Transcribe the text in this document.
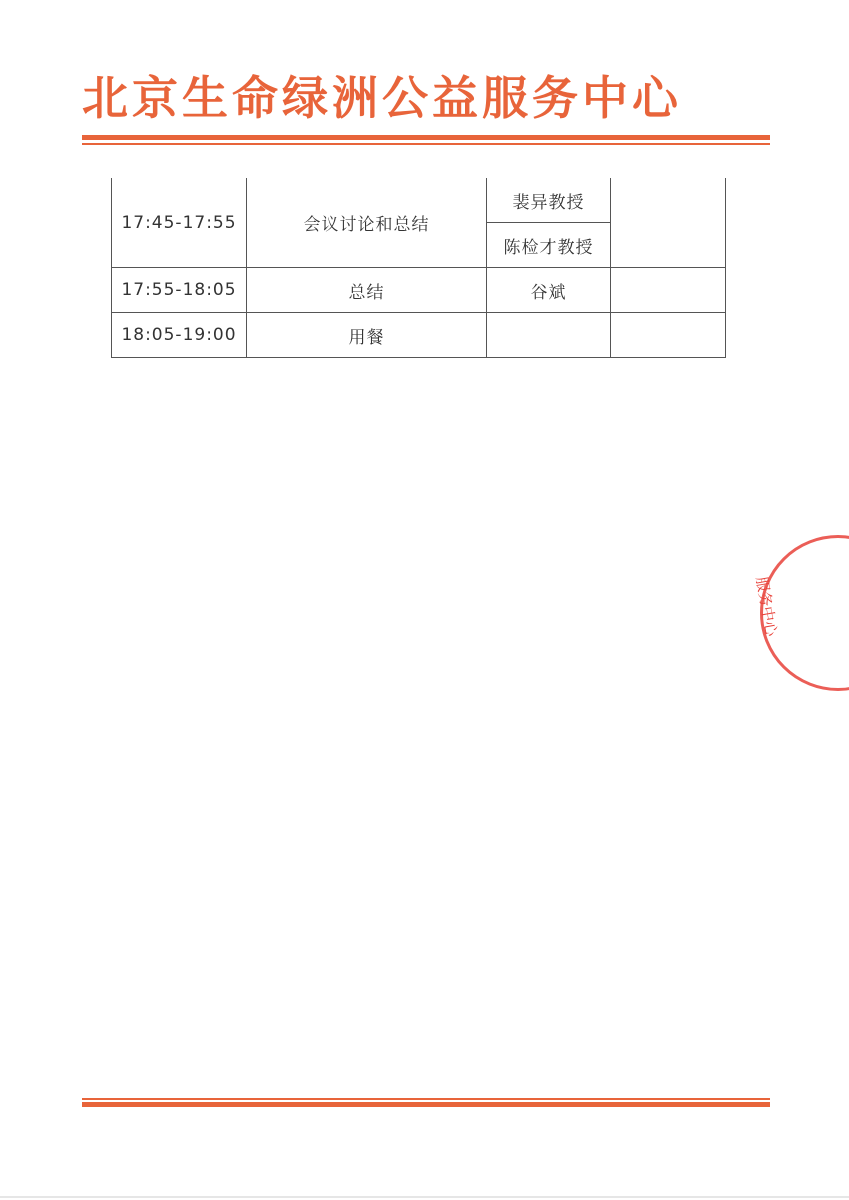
北京生命绿洲公益服务中心
17:45-17:55	会议讨论和总结	裴异教授	
		陈检才教授	
17:55-18:05	总结	谷斌	
18:05-19:00	用餐		
服务中心
